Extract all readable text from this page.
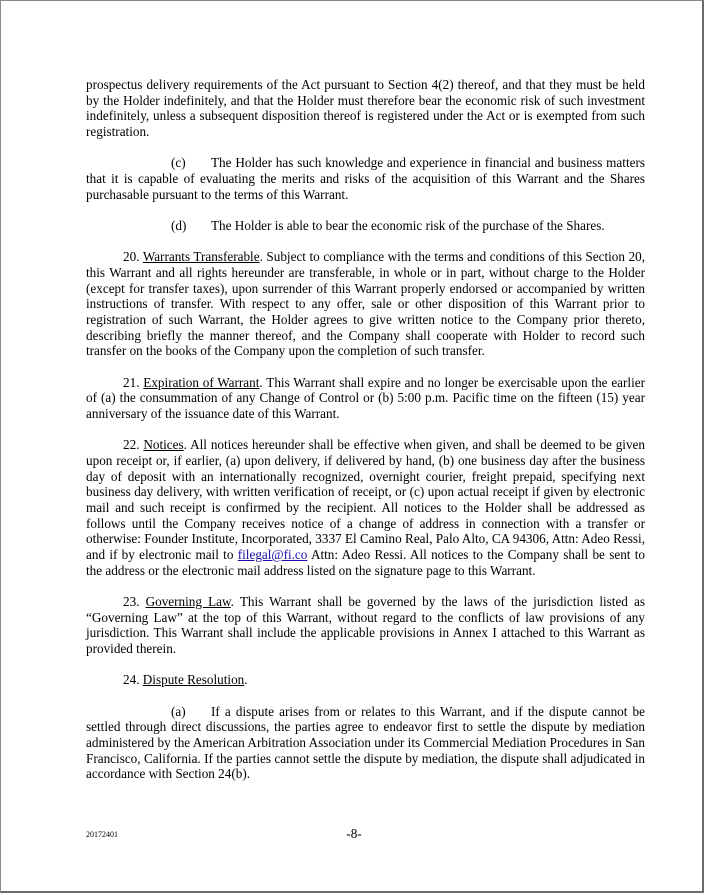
prospectus delivery requirements of the Act pursuant to Section 4(2) thereof, and that they must be held by the Holder indefinitely, and that the Holder must therefore bear the economic risk of such investment indefinitely, unless a subsequent disposition thereof is registered under the Act or is exempted from such registration.

(c) The Holder has such knowledge and experience in financial and business matters that it is capable of evaluating the merits and risks of the acquisition of this Warrant and the Shares purchasable pursuant to the terms of this Warrant.

(d) The Holder is able to bear the economic risk of the purchase of the Shares.

20. Warrants Transferable. Subject to compliance with the terms and conditions of this Section 20, this Warrant and all rights hereunder are transferable, in whole or in part, without charge to the Holder (except for transfer taxes), upon surrender of this Warrant properly endorsed or accompanied by written instructions of transfer. With respect to any offer, sale or other disposition of this Warrant prior to registration of such Warrant, the Holder agrees to give written notice to the Company prior thereto, describing briefly the manner thereof, and the Company shall cooperate with Holder to record such transfer on the books of the Company upon the completion of such transfer.

21. Expiration of Warrant. This Warrant shall expire and no longer be exercisable upon the earlier of (a) the consummation of any Change of Control or (b) 5:00 p.m. Pacific time on the fifteen (15) year anniversary of the issuance date of this Warrant.

22. Notices. All notices hereunder shall be effective when given, and shall be deemed to be given upon receipt or, if earlier, (a) upon delivery, if delivered by hand, (b) one business day after the business day of deposit with an internationally recognized, overnight courier, freight prepaid, specifying next business day delivery, with written verification of receipt, or (c) upon actual receipt if given by electronic mail and such receipt is confirmed by the recipient. All notices to the Holder shall be addressed as follows until the Company receives notice of a change of address in connection with a transfer or otherwise: Founder Institute, Incorporated, 3337 El Camino Real, Palo Alto, CA 94306, Attn: Adeo Ressi, and if by electronic mail to filegal@fi.co Attn: Adeo Ressi. All notices to the Company shall be sent to the address or the electronic mail address listed on the signature page to this Warrant.

23. Governing Law. This Warrant shall be governed by the laws of the jurisdiction listed as “Governing Law” at the top of this Warrant, without regard to the conflicts of law provisions of any jurisdiction. This Warrant shall include the applicable provisions in Annex I attached to this Warrant as provided therein.

24. Dispute Resolution.

(a) If a dispute arises from or relates to this Warrant, and if the dispute cannot be settled through direct discussions, the parties agree to endeavor first to settle the dispute by mediation administered by the American Arbitration Association under its Commercial Mediation Procedures in San Francisco, California. If the parties cannot settle the dispute by mediation, the dispute shall adjudicated in accordance with Section 24(b).

20172401	-8-
